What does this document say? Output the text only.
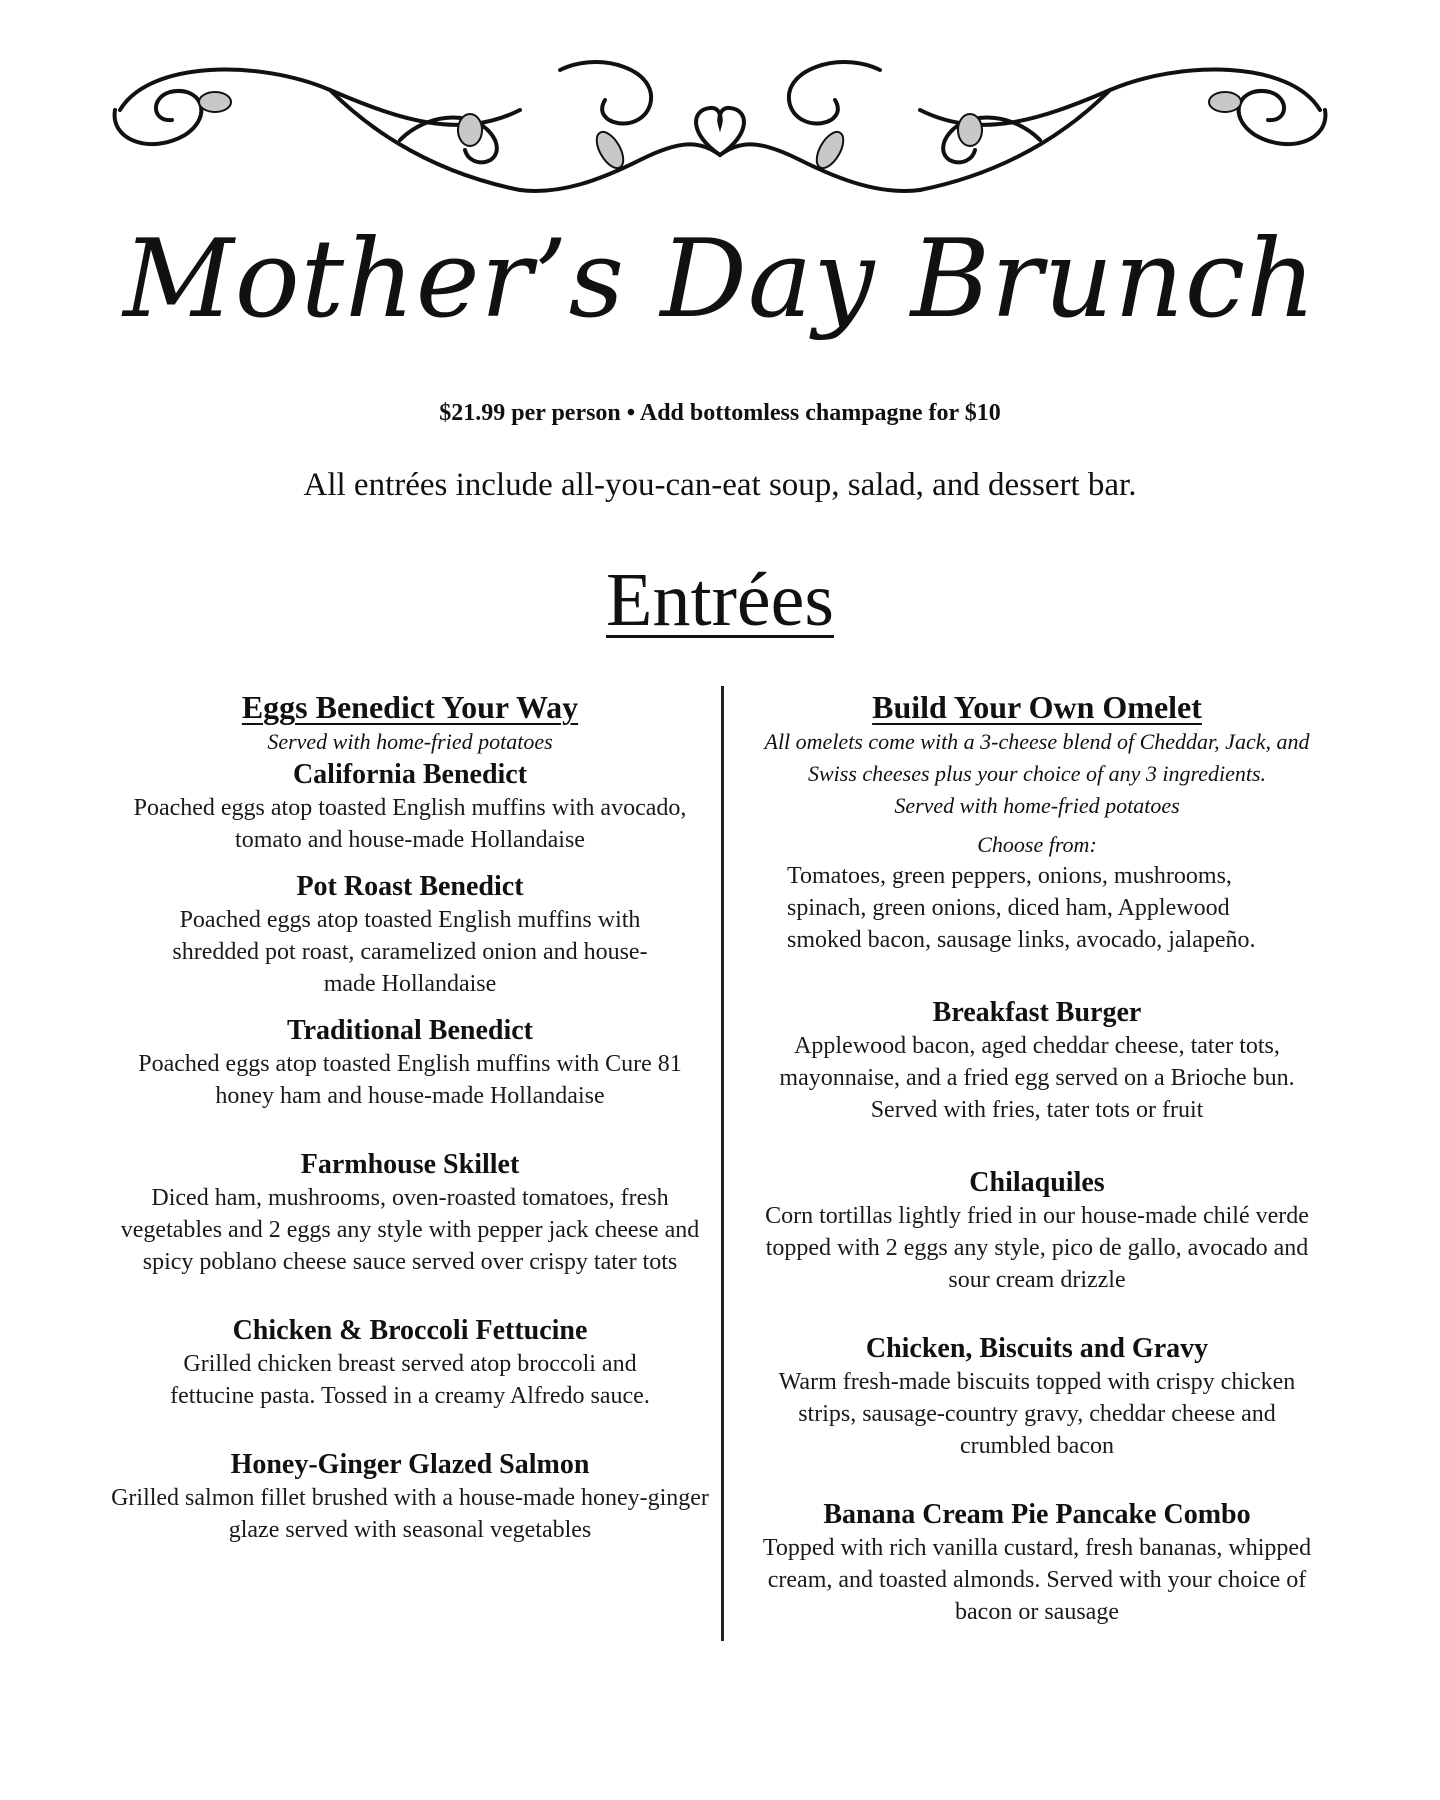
Mother’s Day Brunch
$21.99 per person • Add bottomless champagne for $10
All entrées include all-you-can-eat soup, salad, and dessert bar.
Entrées
Eggs Benedict Your Way
Served with home-fried potatoes
California Benedict
Poached eggs atop toasted English muffins with avocado, tomato and house-made Hollandaise
Pot Roast Benedict
Poached eggs atop toasted English muffins with shredded pot roast, caramelized onion and house-made Hollandaise
Traditional Benedict
Poached eggs atop toasted English muffins with Cure 81 honey ham and house-made Hollandaise
Farmhouse Skillet
Diced ham, mushrooms, oven-roasted tomatoes, fresh vegetables and 2 eggs any style with pepper jack cheese and spicy poblano cheese sauce served over crispy tater tots
Chicken & Broccoli Fettucine
Grilled chicken breast served atop broccoli and fettucine pasta. Tossed in a creamy Alfredo sauce.
Honey-Ginger Glazed Salmon
Grilled salmon fillet brushed with a house-made honey-ginger glaze served with seasonal vegetables
Build Your Own Omelet
All omelets come with a 3-cheese blend of Cheddar, Jack, and Swiss cheeses plus your choice of any 3 ingredients.
Served with home-fried potatoes
Choose from:
Tomatoes, green peppers, onions, mushrooms, spinach, green onions, diced ham, Applewood smoked bacon, sausage links, avocado, jalapeño.
Breakfast Burger
Applewood bacon, aged cheddar cheese, tater tots, mayonnaise, and a fried egg served on a Brioche bun. Served with fries, tater tots or fruit
Chilaquiles
Corn tortillas lightly fried in our house-made chilé verde topped with 2 eggs any style, pico de gallo, avocado and sour cream drizzle
Chicken, Biscuits and Gravy
Warm fresh-made biscuits topped with crispy chicken strips, sausage-country gravy, cheddar cheese and crumbled bacon
Banana Cream Pie Pancake Combo
Topped with rich vanilla custard, fresh bananas, whipped cream, and toasted almonds. Served with your choice of bacon or sausage
